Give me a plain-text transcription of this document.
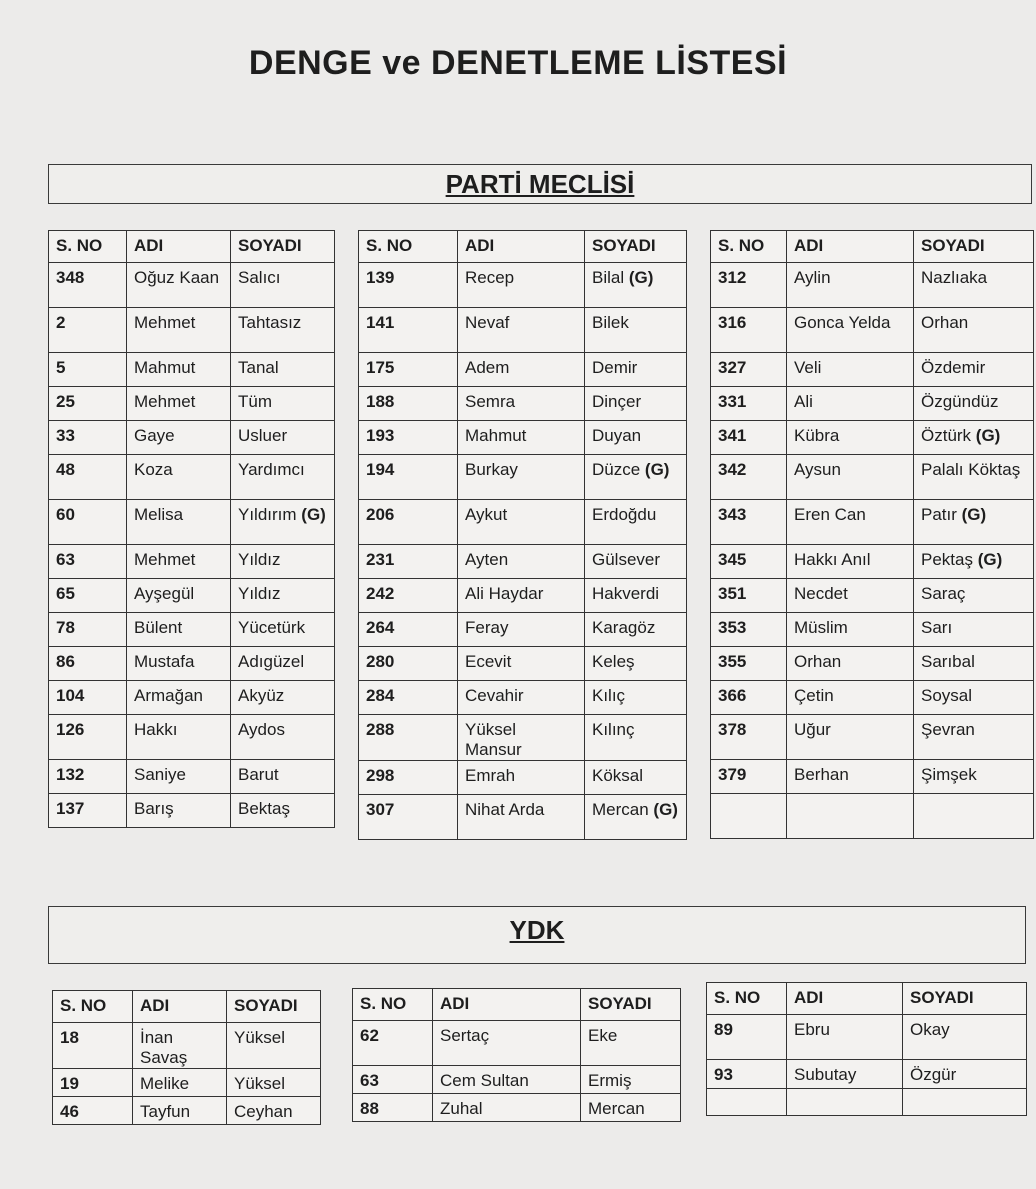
DENGE ve DENETLEME LİSTESİ
PARTİ MECLİSİ
YDK
S. NO	ADI	SOYADI
348	Oğuz Kaan	Salıcı
2	Mehmet	Tahtasız
5	Mahmut	Tanal
25	Mehmet	Tüm
33	Gaye	Usluer
48	Koza	Yardımcı
60	Melisa	Yıldırım (G)
63	Mehmet	Yıldız
65	Ayşegül	Yıldız
78	Bülent	Yücetürk
86	Mustafa	Adıgüzel
104	Armağan	Akyüz
126	Hakkı	Aydos
132	Saniye	Barut
137	Barış	Bektaş
S. NO	ADI	SOYADI
139	Recep	Bilal (G)
141	Nevaf	Bilek
175	Adem	Demir
188	Semra	Dinçer
193	Mahmut	Duyan
194	Burkay	Düzce (G)
206	Aykut	Erdoğdu
231	Ayten	Gülsever
242	Ali Haydar	Hakverdi
264	Feray	Karagöz
280	Ecevit	Keleş
284	Cevahir	Kılıç
288	Yüksel Mansur	Kılınç
298	Emrah	Köksal
307	Nihat Arda	Mercan (G)
S. NO	ADI	SOYADI
312	Aylin	Nazlıaka
316	Gonca Yelda	Orhan
327	Veli	Özdemir
331	Ali	Özgündüz
341	Kübra	Öztürk (G)
342	Aysun	Palalı Köktaş
343	Eren Can	Patır (G)
345	Hakkı Anıl	Pektaş (G)
351	Necdet	Saraç
353	Müslim	Sarı
355	Orhan	Sarıbal
366	Çetin	Soysal
378	Uğur	Şevran
379	Berhan	Şimşek

S. NO	ADI	SOYADI
18	İnan Savaş	Yüksel
19	Melike	Yüksel
46	Tayfun	Ceyhan
S. NO	ADI	SOYADI
62	Sertaç	Eke
63	Cem Sultan	Ermiş
88	Zuhal	Mercan
S. NO	ADI	SOYADI
89	Ebru	Okay
93	Subutay	Özgür
